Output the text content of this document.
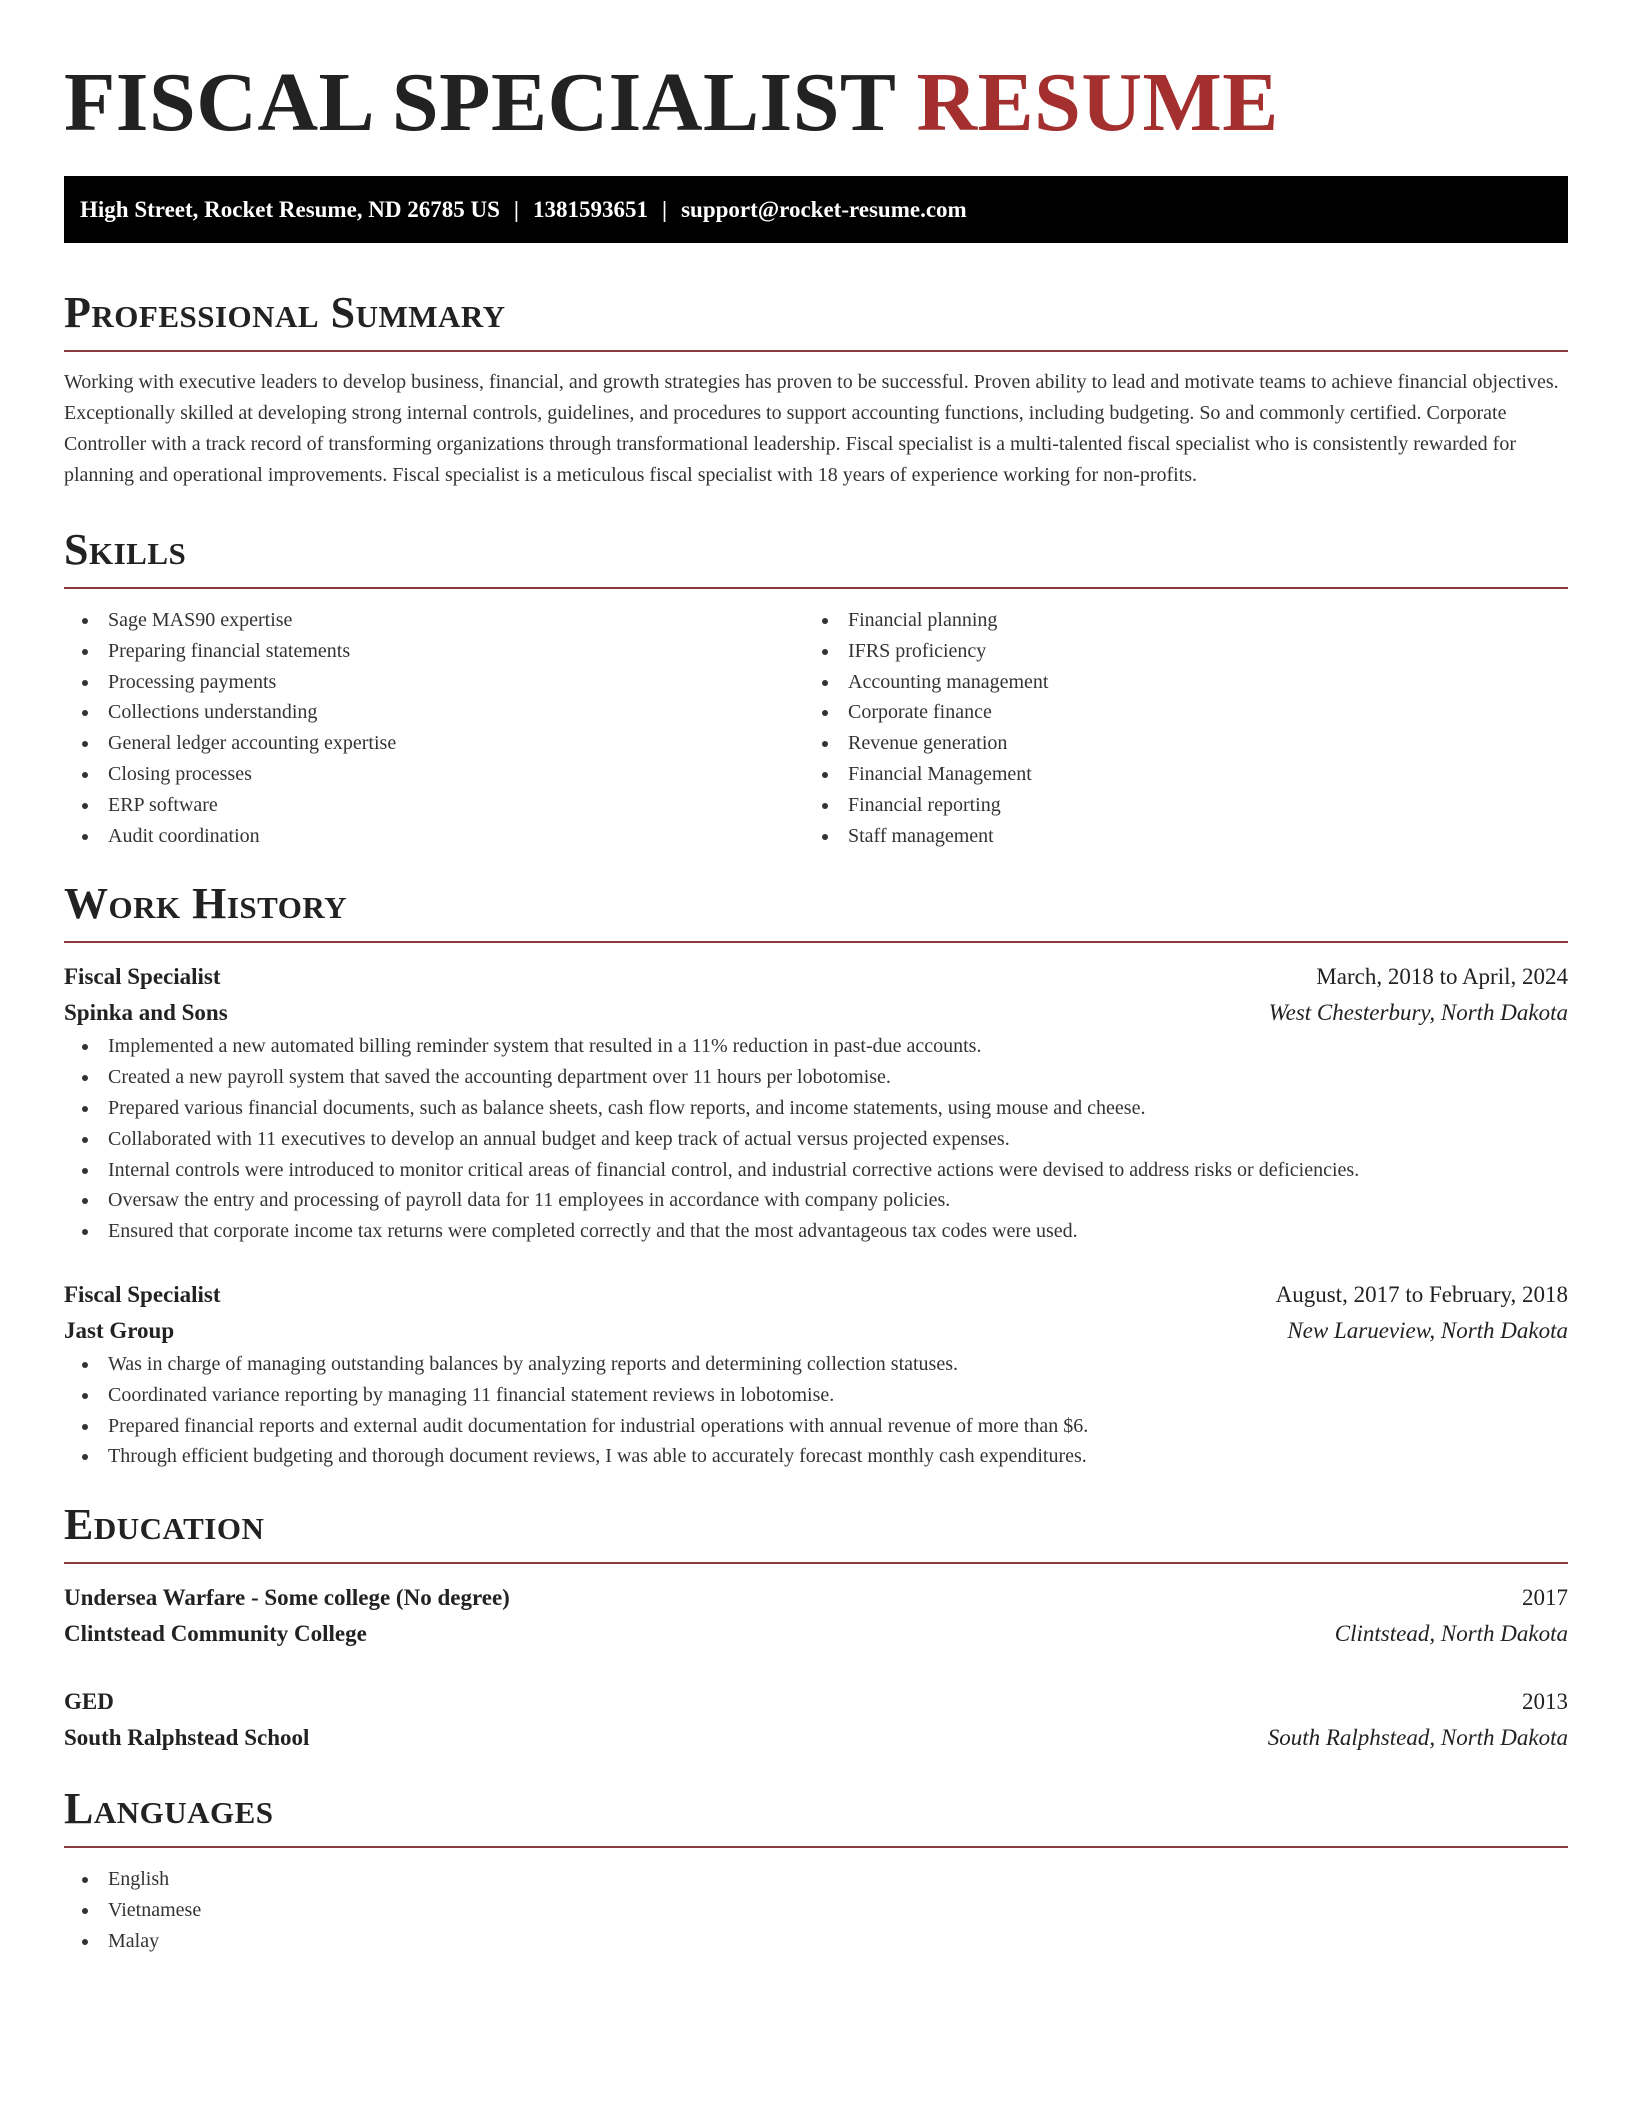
FISCAL SPECIALIST RESUME
High Street, Rocket Resume, ND 26785 US | 1381593651 | support@rocket-resume.com
Professional Summary

Working with executive leaders to develop business, financial, and growth strategies has proven to be successful. Proven ability to lead and motivate teams to achieve financial objectives. Exceptionally skilled at developing strong internal controls, guidelines, and procedures to support accounting functions, including budgeting. So and commonly certified. Corporate Controller with a track record of transforming organizations through transformational leadership. Fiscal specialist is a multi-talented fiscal specialist who is consistently rewarded for planning and operational improvements. Fiscal specialist is a meticulous fiscal specialist with 18 years of experience working for non-profits.

Skills
Sage MAS90 expertise
Preparing financial statements
Processing payments
Collections understanding
General ledger accounting expertise
Closing processes
ERP software
Audit coordination
Financial planning
IFRS proficiency
Accounting management
Corporate finance
Revenue generation
Financial Management
Financial reporting
Staff management
Work History
Fiscal Specialist	March, 2018 to April, 2024
Spinka and Sons	West Chesterbury, North Dakota
Implemented a new automated billing reminder system that resulted in a 11% reduction in past-due accounts.
Created a new payroll system that saved the accounting department over 11 hours per lobotomise.
Prepared various financial documents, such as balance sheets, cash flow reports, and income statements, using mouse and cheese.
Collaborated with 11 executives to develop an annual budget and keep track of actual versus projected expenses.
Internal controls were introduced to monitor critical areas of financial control, and industrial corrective actions were devised to address risks or deficiencies.
Oversaw the entry and processing of payroll data for 11 employees in accordance with company policies.
Ensured that corporate income tax returns were completed correctly and that the most advantageous tax codes were used.
Fiscal Specialist	August, 2017 to February, 2018
Jast Group	New Larueview, North Dakota
Was in charge of managing outstanding balances by analyzing reports and determining collection statuses.
Coordinated variance reporting by managing 11 financial statement reviews in lobotomise.
Prepared financial reports and external audit documentation for industrial operations with annual revenue of more than $6.
Through efficient budgeting and thorough document reviews, I was able to accurately forecast monthly cash expenditures.
Education
Undersea Warfare - Some college (No degree)	2017
Clintstead Community College	Clintstead, North Dakota
GED	2013
South Ralphstead School	South Ralphstead, North Dakota
Languages
English
Vietnamese
Malay
